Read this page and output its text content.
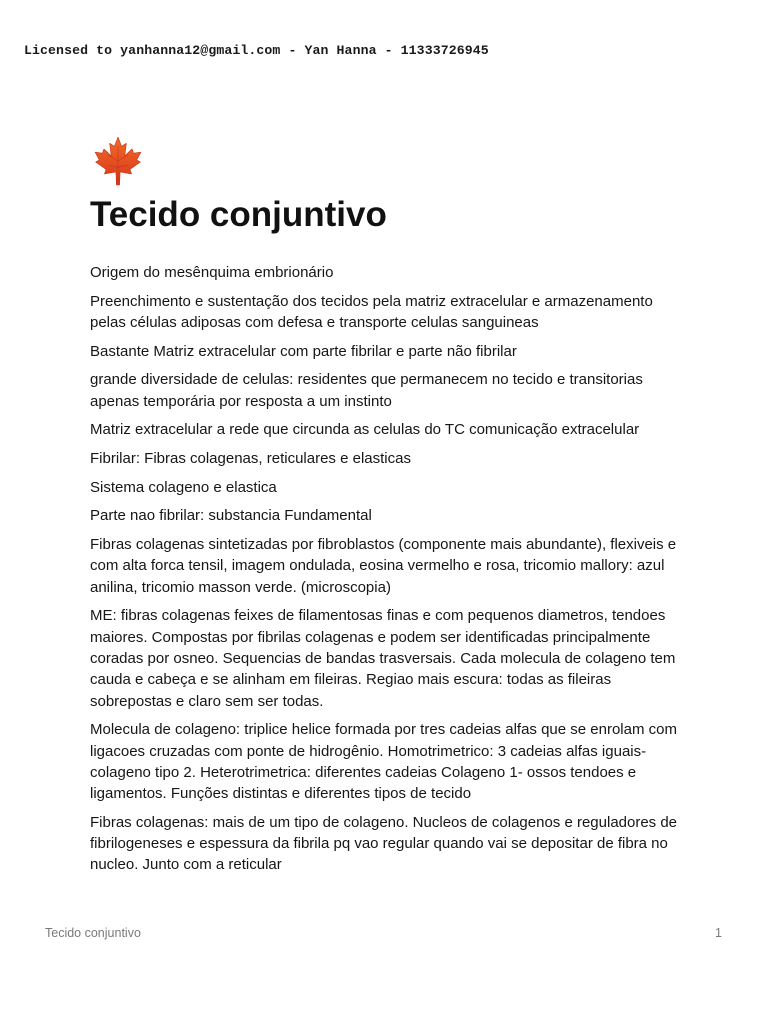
Licensed to yanhanna12@gmail.com - Yan Hanna - 11333726945
Tecido conjuntivo

Origem do mesênquima embrionário

Preenchimento e sustentação dos tecidos pela matriz extracelular e armazenamento pelas células adiposas com defesa e transporte celulas sanguineas

Bastante Matriz extracelular com parte fibrilar e parte não fibrilar

grande diversidade de celulas: residentes que permanecem no tecido e transitorias apenas temporária por resposta a um instinto

Matriz extracelular a rede que circunda as celulas do TC comunicação extracelular

Fibrilar: Fibras colagenas, reticulares e elasticas

Sistema colageno e elastica

Parte nao fibrilar: substancia Fundamental

Fibras colagenas sintetizadas por fibroblastos (componente mais abundante), flexiveis e com alta forca tensil, imagem ondulada, eosina vermelho e rosa, tricomio mallory: azul anilina, tricomio masson verde. (microscopia)

ME: fibras colagenas feixes de filamentosas finas e com pequenos diametros, tendoes maiores. Compostas por fibrilas colagenas e podem ser identificadas principalmente coradas por osneo. Sequencias de bandas trasversais. Cada molecula de colageno tem cauda e cabeça e se alinham em fileiras. Regiao mais escura: todas as fileiras sobrepostas e claro sem ser todas.

Molecula de colageno: triplice helice formada por tres cadeias alfas que se enrolam com ligacoes cruzadas com ponte de hidrogênio. Homotrimetrico: 3 cadeias alfas iguais- colageno tipo 2. Heterotrimetrica: diferentes cadeias Colageno 1- ossos tendoes e ligamentos. Funções distintas e diferentes tipos de tecido

Fibras colagenas: mais de um tipo de colageno. Nucleos de colagenos e reguladores de fibrilogeneses e espessura da fibrila pq vao regular quando vai se depositar de fibra no nucleo. Junto com a reticular

Tecido conjuntivo	1
